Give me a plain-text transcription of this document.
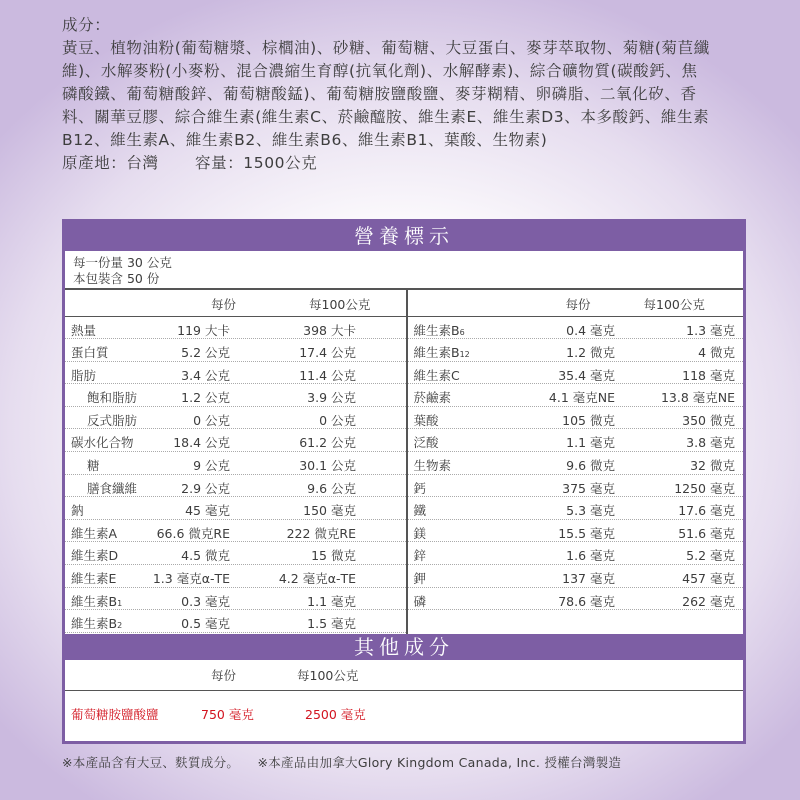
成分：

黃豆、植物油粉(葡萄糖漿、棕櫚油)、砂糖、葡萄糖、大豆蛋白、麥芽萃取物、菊糖(菊苣纖

維)、水解麥粉(小麥粉、混合濃縮生育醇(抗氧化劑)、水解酵素)、綜合礦物質(碳酸鈣、焦

磷酸鐵、葡萄糖酸鋅、葡萄糖酸錳)、葡萄糖胺鹽酸鹽、麥芽糊精、卵磷脂、二氧化矽、香

料、關華豆膠、綜合維生素(維生素C、菸鹼醯胺、維生素E、維生素D3、本多酸鈣、維生素

B12、維生素A、維生素B2、維生素B6、維生素B1、葉酸、生物素)

原產地：台灣	容量：1500公克

營養標示
每一份量 30 公克
本包裝含 50 份
每份	每100公克
熱量	119 大卡	398 大卡
蛋白質	5.2 公克	17.4 公克
脂肪	3.4 公克	11.4 公克
飽和脂肪	1.2 公克	3.9 公克
反式脂肪	0 公克	0 公克
碳水化合物	18.4 公克	61.2 公克
糖	9 公克	30.1 公克
膳食纖維	2.9 公克	9.6 公克
鈉	45 毫克	150 毫克
維生素A	66.6 微克RE	222 微克RE
維生素D	4.5 微克	15 微克
維生素E	1.3 毫克α-TE	4.2 毫克α-TE
維生素B1	0.3 毫克	1.1 毫克
維生素B2	0.5 毫克	1.5 毫克
每份	每100公克
維生素B6	0.4 毫克	1.3 毫克
維生素B12	1.2 微克	4 微克
維生素C	35.4 毫克	118 毫克
菸鹼素	4.1 毫克NE	13.8 毫克NE
葉酸	105 微克	350 微克
泛酸	1.1 毫克	3.8 毫克
生物素	9.6 微克	32 微克
鈣	375 毫克	1250 毫克
鐵	5.3 毫克	17.6 毫克
鎂	15.5 毫克	51.6 毫克
鋅	1.6 毫克	5.2 毫克
鉀	137 毫克	457 毫克
磷	78.6 毫克	262 毫克
其他成分
每份	每100公克
葡萄糖胺鹽酸鹽	750 毫克	2500 毫克
※本產品含有大豆、麩質成分。 ※本產品由加拿大Glory Kingdom Canada, Inc. 授權台灣製造
